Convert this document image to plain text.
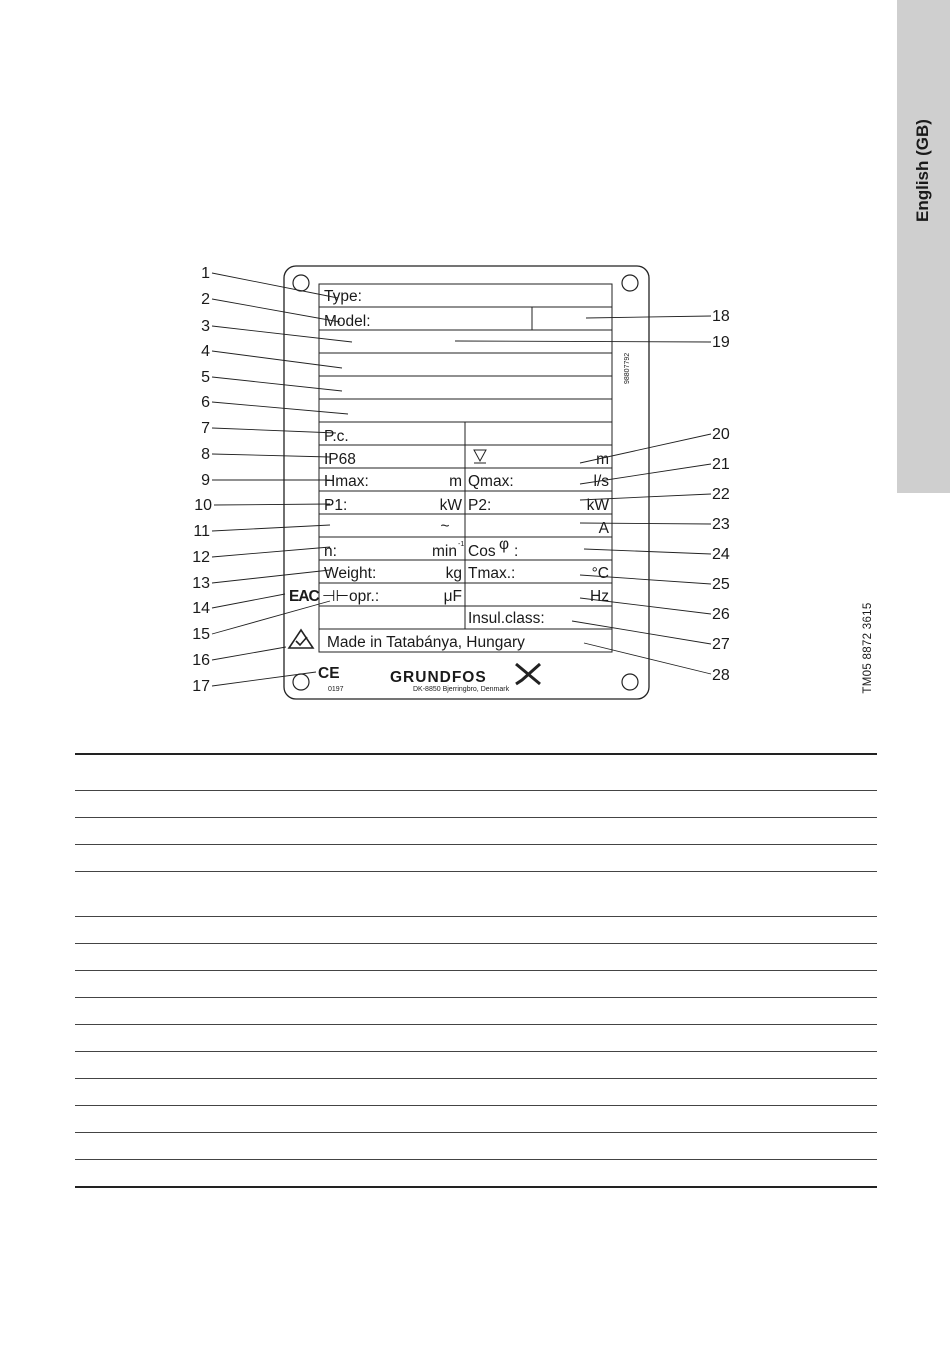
English (GB)
TM05 8872 3615
Type:
Model:
P.c.
IP68	m
Hmax:	m Qmax:	l/s
P1:	kW P2:	kW
~	A
n:	min -1 Cos φ :
Weight:	kg Tmax.:	°C
⊣⊢ opr.:	μF	Hz
Insul.class:
Made in Tatabánya, Hungary
98807792
CE
0197
GRUNDFOS
DK-8850 Bjerringbro, Denmark
EAC
1
2
3
4
5
6
7
8
9
10
11
12
13
14
15
16
17
18
19
20
21
22
23
24
25
26
27
28
